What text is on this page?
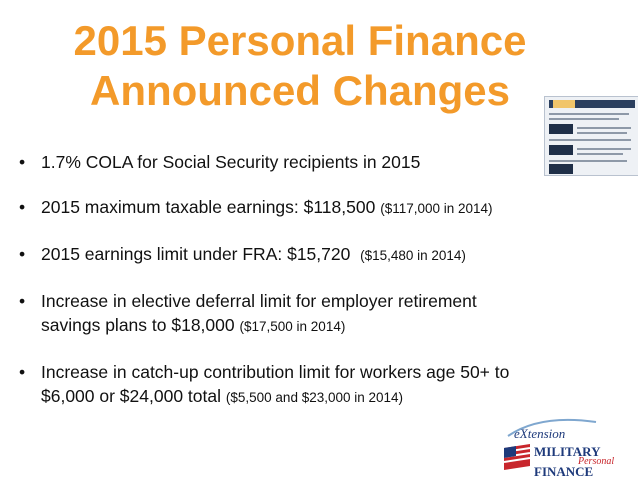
2015 Personal Finance
Announced Changes
• 1.7% COLA for Social Security recipients in 2015
• 2015 maximum taxable earnings: $118,500 ($117,000 in 2014)
• 2015 earnings limit under FRA: $15,720 ($15,480 in 2014)
• Increase in elective deferral limit for employer retirement
savings plans to $18,000 ($17,500 in 2014)
• Increase in catch-up contribution limit for workers age 50+ to
$6,000 or $24,000 total ($5,500 and $23,000 in 2014)
eXtension
MILITARY
Personal
FINANCE
